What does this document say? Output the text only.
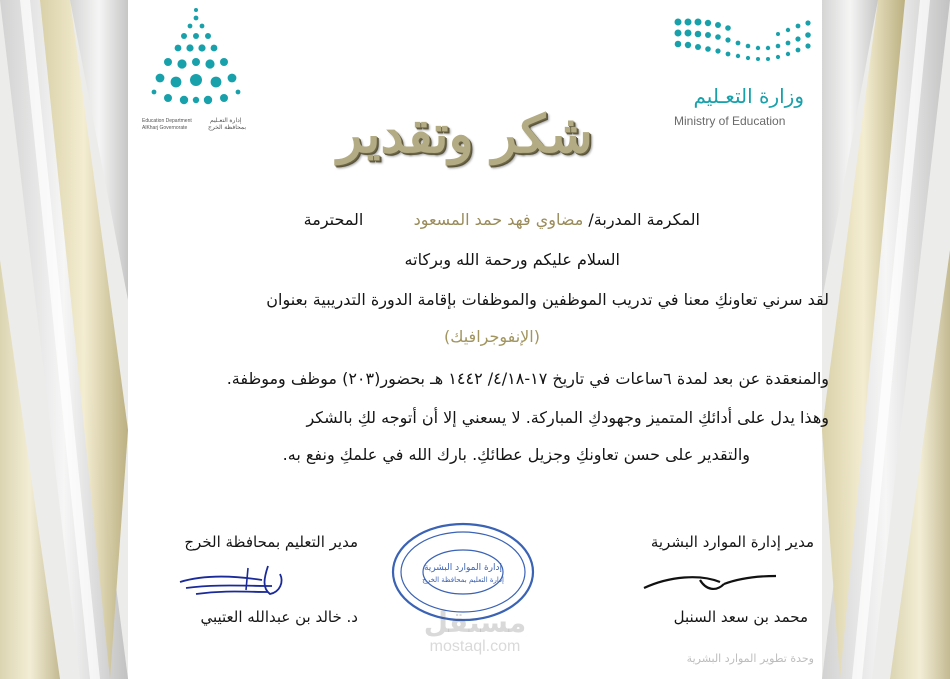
وزارة التعـليم
Ministry of Education
Education Department
AlKharj Governorate
إدارة التعـليم
بمحافظة الخرج شكر وتقدير
المكرمة المدربة/ مضاوي فهد حمد المسعود  المحترمة
السلام عليكم ورحمة الله وبركاته
لقد سرني تعاونكِ معنا في تدريب الموظفين والموظفات بإقامة الدورة التدريبية بعنوان
(الإنفوجرافيك)
والمنعقدة عن بعد لمدة ٦ساعات في تاريخ ١٧-٤/١٨/ ١٤٤٢ هـ بحضور(٢٠٣) موظف وموظفة.
وهذا يدل على أدائكِ المتميز وجهودكِ المباركة. لا يسعني إلا أن أتوجه لكِ بالشكر
والتقدير على حسن تعاونكِ وجزيل عطائكِ. بارك الله في علمكِ ونفع به.
مدير إدارة الموارد البشرية
محمد بن سعد السنبل
مدير التعليم بمحافظة الخرج
د. خالد بن عبدالله العتيبي
إدارة الموارد البشرية
إدارة التعليم بمحافظة الخرج
مستقل
mostaql.com
وحدة تطوير الموارد البشرية
